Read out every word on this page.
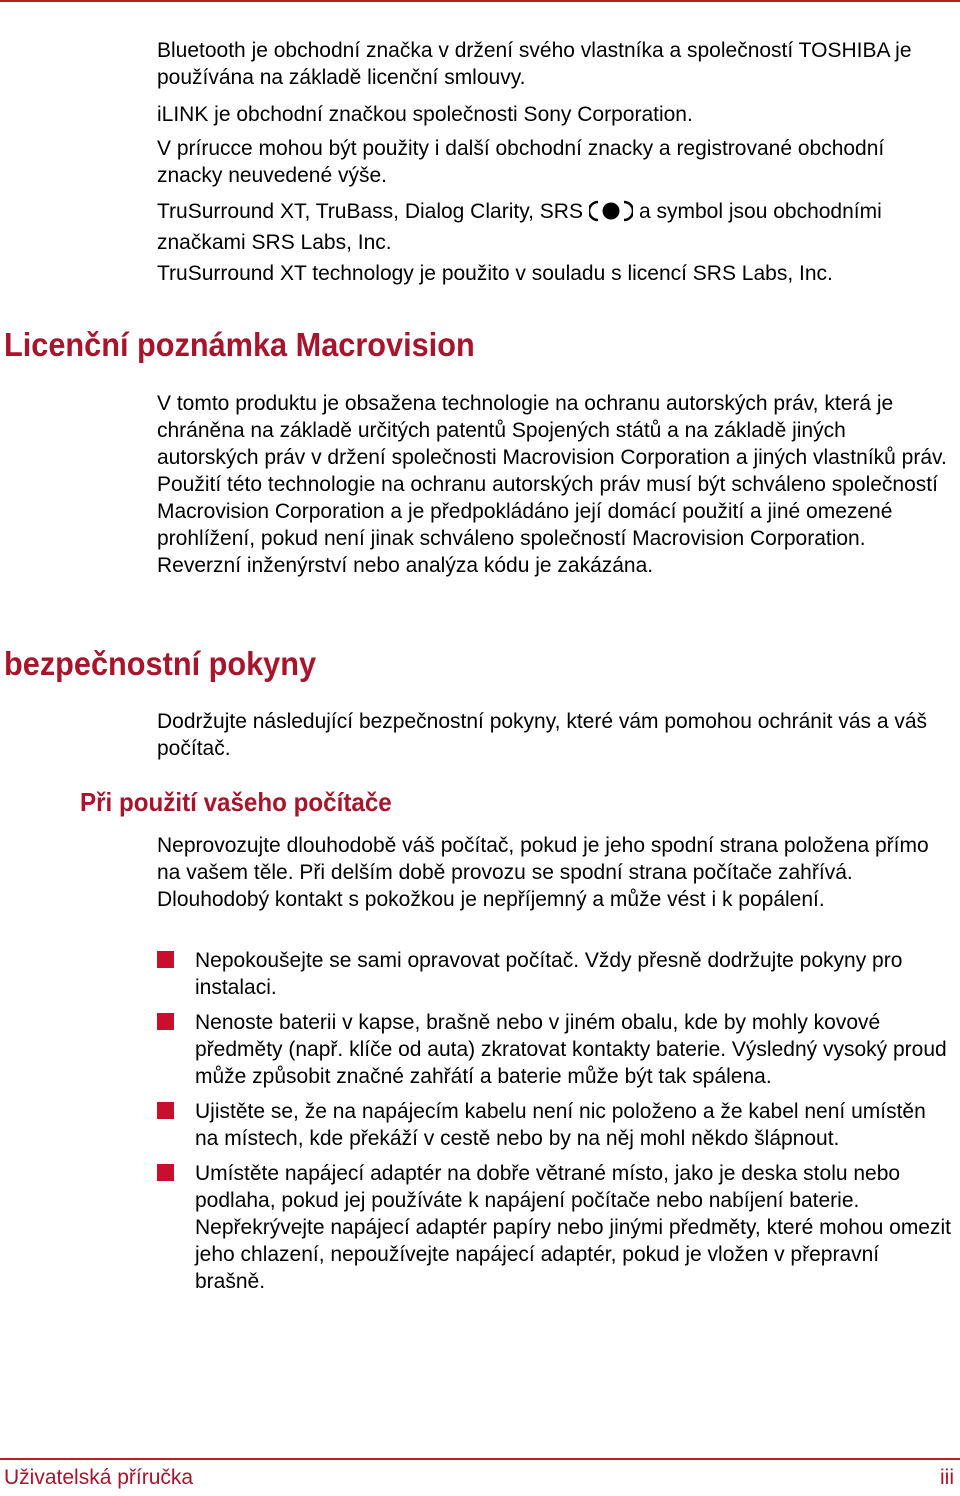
Bluetooth je obchodní značka v držení svého vlastníka a společností TOSHIBA je používána na základě licenční smlouvy.

iLINK je obchodní značkou společnosti Sony Corporation.

V prírucce mohou být použity i další obchodní znacky a registrované obchodní znacky neuvedené výše.

TruSurround XT, TruBass, Dialog Clarity, SRS	a symbol jsou obchodními značkami SRS Labs, Inc.

TruSurround XT technology je použito v souladu s licencí SRS Labs, Inc.

Licenční poznámka Macrovision

V tomto produktu je obsažena technologie na ochranu autorských práv, která je chráněna na základě určitých patentů Spojených států a na základě jiných autorských práv v držení společnosti Macrovision Corporation a jiných vlastníků práv. Použití této technologie na ochranu autorských práv musí být schváleno společností Macrovision Corporation a je předpokládáno její domácí použití a jiné omezené prohlížení, pokud není jinak schváleno společností Macrovision Corporation. Reverzní inženýrství nebo analýza kódu je zakázána.

bezpečnostní pokyny

Dodržujte následující bezpečnostní pokyny, které vám pomohou ochránit vás a váš počítač.

Při použití vašeho počítače

Neprovozujte dlouhodobě váš počítač, pokud je jeho spodní strana položena přímo na vašem těle. Při delším době provozu se spodní strana počítače zahřívá. Dlouhodobý kontakt s pokožkou je nepříjemný a může vést i k popálení.

Nepokoušejte se sami opravovat počítač. Vždy přesně dodržujte pokyny pro instalaci.
Nenoste baterii v kapse, brašně nebo v jiném obalu, kde by mohly kovové předměty (např. klíče od auta) zkratovat kontakty baterie. Výsledný vysoký proud může způsobit značné zahřátí a baterie může být tak spálena.
Ujistěte se, že na napájecím kabelu není nic položeno a že kabel není umístěn na místech, kde překáží v cestě nebo by na něj mohl někdo šlápnout.
Umístěte napájecí adaptér na dobře větrané místo, jako je deska stolu nebo podlaha, pokud jej používáte k napájení počítače nebo nabíjení baterie. Nepřekrývejte napájecí adaptér papíry nebo jinými předměty, které mohou omezit jeho chlazení, nepoužívejte napájecí adaptér, pokud je vložen v přepravní brašně.
Uživatelská příručka	iii
